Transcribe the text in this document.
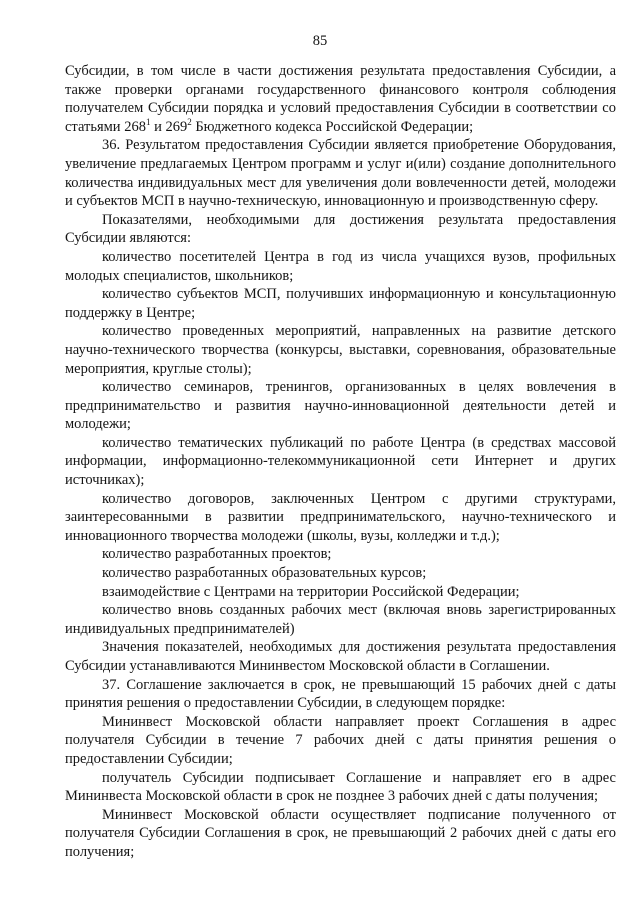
85

Субсидии, в том числе в части достижения результата предоставления Субсидии, а также проверки органами государственного финансового контроля соблюдения получателем Субсидии порядка и условий предоставления Субсидии в соответствии со статьями $268^1$ и $269^2$ Бюджетного кодекса Российской Федерации;

36. Результатом предоставления Субсидии является приобретение Оборудования, увеличение предлагаемых Центром программ и услуг и(или) создание дополнительного количества индивидуальных мест для увеличения доли вовлеченности детей, молодежи и субъектов МСП в научно-техническую, инновационную и производственную сферу.

Показателями, необходимыми для достижения результата предоставления Субсидии являются:

количество посетителей Центра в год из числа учащихся вузов, профильных молодых специалистов, школьников;

количество субъектов МСП, получивших информационную и консультационную поддержку в Центре;

количество проведенных мероприятий, направленных на развитие детского научно-технического творчества (конкурсы, выставки, соревнования, образовательные мероприятия, круглые столы);

количество семинаров, тренингов, организованных в целях вовлечения в предпринимательство и развития научно-инновационной деятельности детей и молодежи;

количество тематических публикаций по работе Центра (в средствах массовой информации, информационно-телекоммуникационной сети Интернет и других источниках);

количество договоров, заключенных Центром с другими структурами, заинтересованными в развитии предпринимательского, научно-технического и инновационного творчества молодежи (школы, вузы, колледжи и т.д.);

количество разработанных проектов;

количество разработанных образовательных курсов;

взаимодействие с Центрами на территории Российской Федерации;

количество вновь созданных рабочих мест (включая вновь зарегистрированных индивидуальных предпринимателей)

Значения показателей, необходимых для достижения результата предоставления Субсидии устанавливаются Мининвестом Московской области в Соглашении.

37. Соглашение заключается в срок, не превышающий 15 рабочих дней с даты принятия решения о предоставлении Субсидии, в следующем порядке:

Мининвест Московской области направляет проект Соглашения в адрес получателя Субсидии в течение 7 рабочих дней с даты принятия решения о предоставлении Субсидии;

получатель Субсидии подписывает Соглашение и направляет его в адрес Мининвеста Московской области в срок не позднее 3 рабочих дней с даты получения;

Мининвест Московской области осуществляет подписание полученного от получателя Субсидии Соглашения в срок, не превышающий 2 рабочих дней с даты его получения;
